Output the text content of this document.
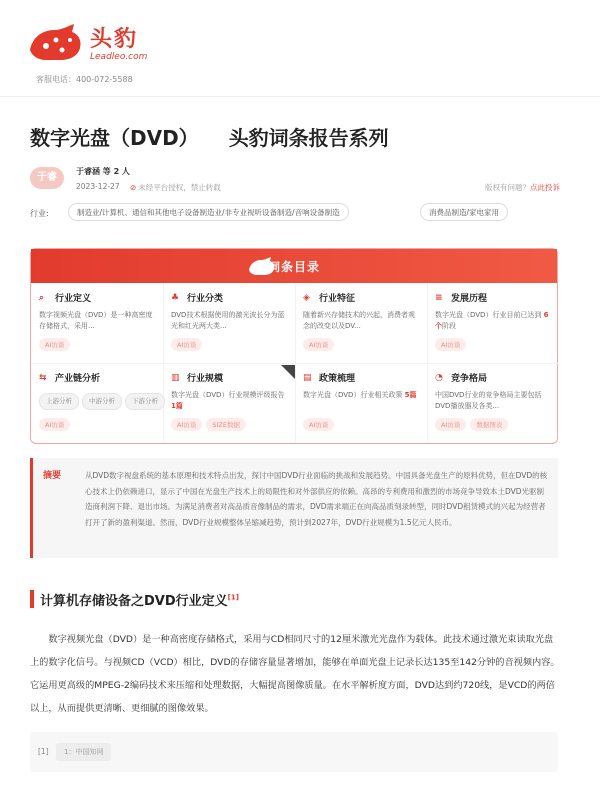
头豹
Leadleo.com
客服电话：400-072-5588
数字光盘（DVD） 头豹词条报告系列
于睿
于睿涵 等 2 人
2023-12-27 ⊘ 未经平台授权，禁止转载	版权有问题？点此投诉
行业:	制造业/计算机、通信和其他电子设备制造业/非专业视听设备制造/音响设备制造	消费品制造/家电家用
词条目录
⌕	行业定义
数字视频光盘（DVD）是一种高密度存储格式，采用...
AI访谈
♣ 行业分类
DVD技术根据使用的激光波长分为蓝光和红光两大类...
AI访谈
◈	行业特征
随着新兴存储技术的兴起，消费者观念的改变以及DV...
AI访谈
≡ 发展历程
数字光盘（DVD）行业目前已达到 6个阶段
AI访谈
⇆ 产业链分析
上游分析	中游分析	下游分析
AI访谈
▥ 行业规模
数字光盘（DVD）行业规模评级报告 1篇
AI访谈	SIZE数据
▤ 政策梳理
数字光盘（DVD）行业相关政策 5篇
AI访谈
◔ 竞争格局
中国DVD行业的竞争格局主要包括DVD播放器及各类...
AI访谈	数据图表
摘要	从DVD数字视盘系统的基本原理和技术特点出发，探讨中国DVD行业面临的挑战和发展趋势。中国具备光盘生产的原料优势，但在DVD的核心技术上仍依赖进口，显示了中国在光盘生产技术上的局限性和对外部供应的依赖。高昂的专利费用和激烈的市场竞争导致本土DVD光驱制造商利润下降、退出市场。为满足消费者对高品质音像制品的需求，DVD需求端正在向高品质刻录转型，同时DVD租赁模式的兴起为经营者打开了新的盈利渠道。然而，DVD行业规模整体呈缩减趋势，预计到2027年，DVD行业规模为1.5亿元人民币。
计算机存储设备之DVD行业定义[1]
数字视频光盘（DVD）是一种高密度存储格式，采用与CD相同尺寸的12厘米激光光盘作为载体。此技术通过激光束读取光盘上的数字化信号。与视频CD（VCD）相比，DVD的存储容量显著增加，能够在单面光盘上记录长达135至142分钟的音视频内容。它运用更高级的MPEG-2编码技术来压缩和处理数据，大幅提高图像质量。在水平解析度方面，DVD达到约720线，是VCD的两倍以上，从而提供更清晰、更细腻的图像效果。
[1]	1：中国知网
